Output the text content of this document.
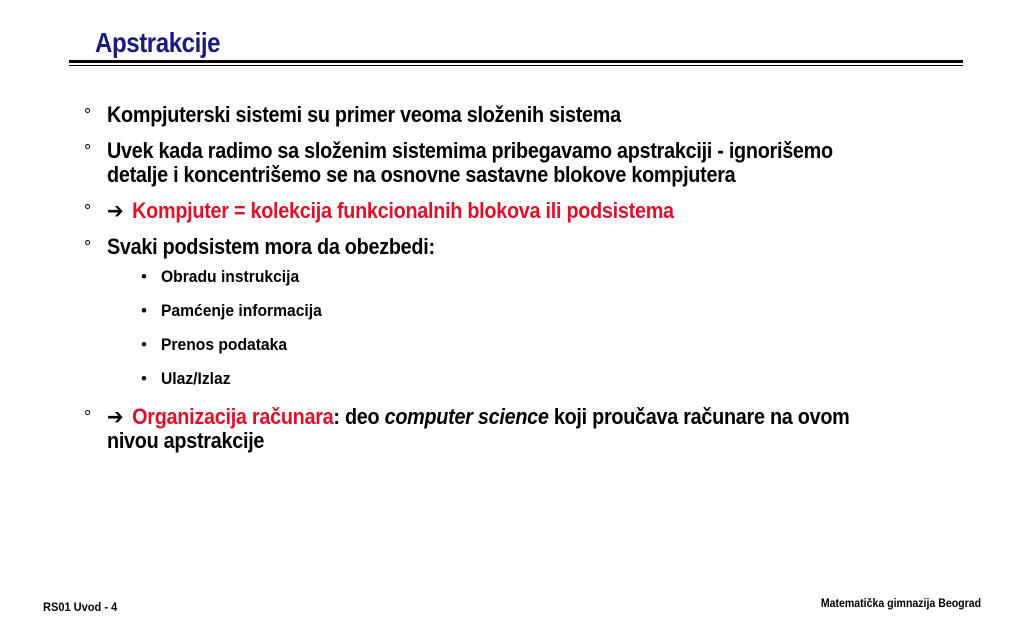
Apstrakcije
° Kompjuterski sistemi su primer veoma složenih sistema
° Uvek kada radimo sa složenim sistemima pribegavamo apstrakciji - ignorišemo detalje i koncentrišemo se na osnovne sastavne blokove kompjutera
° ➔ Kompjuter = kolekcija funkcionalnih blokova ili podsistema
° Svaki podsistem mora da obezbedi:
• Obradu instrukcija
• Pamćenje informacija
• Prenos podataka
• Ulaz/Izlaz
° ➔ Organizacija računara: deo computer science koji proučava računare na ovom nivou apstrakcije
RS01 Uvod - 4	Matematička gimnazija Beograd
